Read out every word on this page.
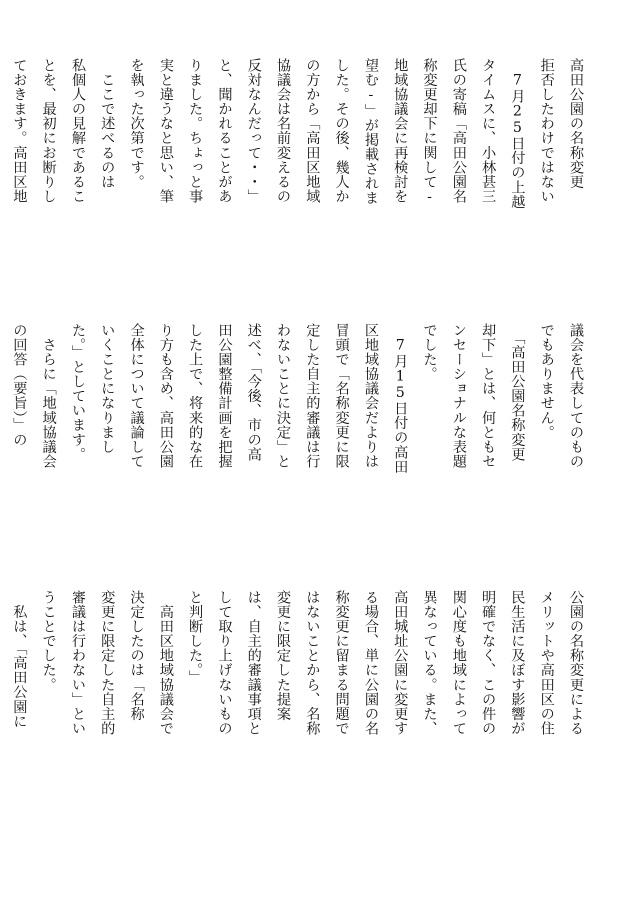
高田公園の名称変更
拒否したわけではない
　7月25日付の上越
タイムスに、小林甚三
氏の寄稿「高田公園名
称変更却下に関して‐
地域協議会に再検討を
望む‐」が掲載されま
した。その後、幾人か
の方から「高田区地域
協議会は名前変えるの
反対なんだって・・」
と、聞かれることがあ
りました。ちょっと事
実と違うなと思い、筆
を執った次第です。
　ここで述べるのは
私個人の見解であるこ
とを、最初にお断りし
ておきます。高田区地
議会を代表してのもの
でもありません。
　「高田公園名称変更
却下」とは、何ともセ
ンセーショナルな表題
でした。
　7月15日付の高田
区地域協議会だよりは
冒頭で「名称変更に限
定した自主的審議は行
わないことに決定」と
述べ、「今後、市の高
田公園整備計画を把握
した上で、将来的な在
り方も含め、高田公園
全体について議論して
いくことになりまし
た。」としています。
　さらに「地域協議会
の回答（要旨）」の
公園の名称変更による
メリットや高田区の住
民生活に及ぼす影響が
明確でなく、この件の
関心度も地域によって
異なっている。また、
高田城址公園に変更す
る場合、単に公園の名
称変更に留まる問題で
はないことから、名称
変更に限定した提案
は、自主的審議事項と
して取り上げないもの
と判断した。」
　高田区地域協議会で
決定したのは「名称
変更に限定した自主的
審議は行わない」とい
うことでした。
　私は、「高田公園に
